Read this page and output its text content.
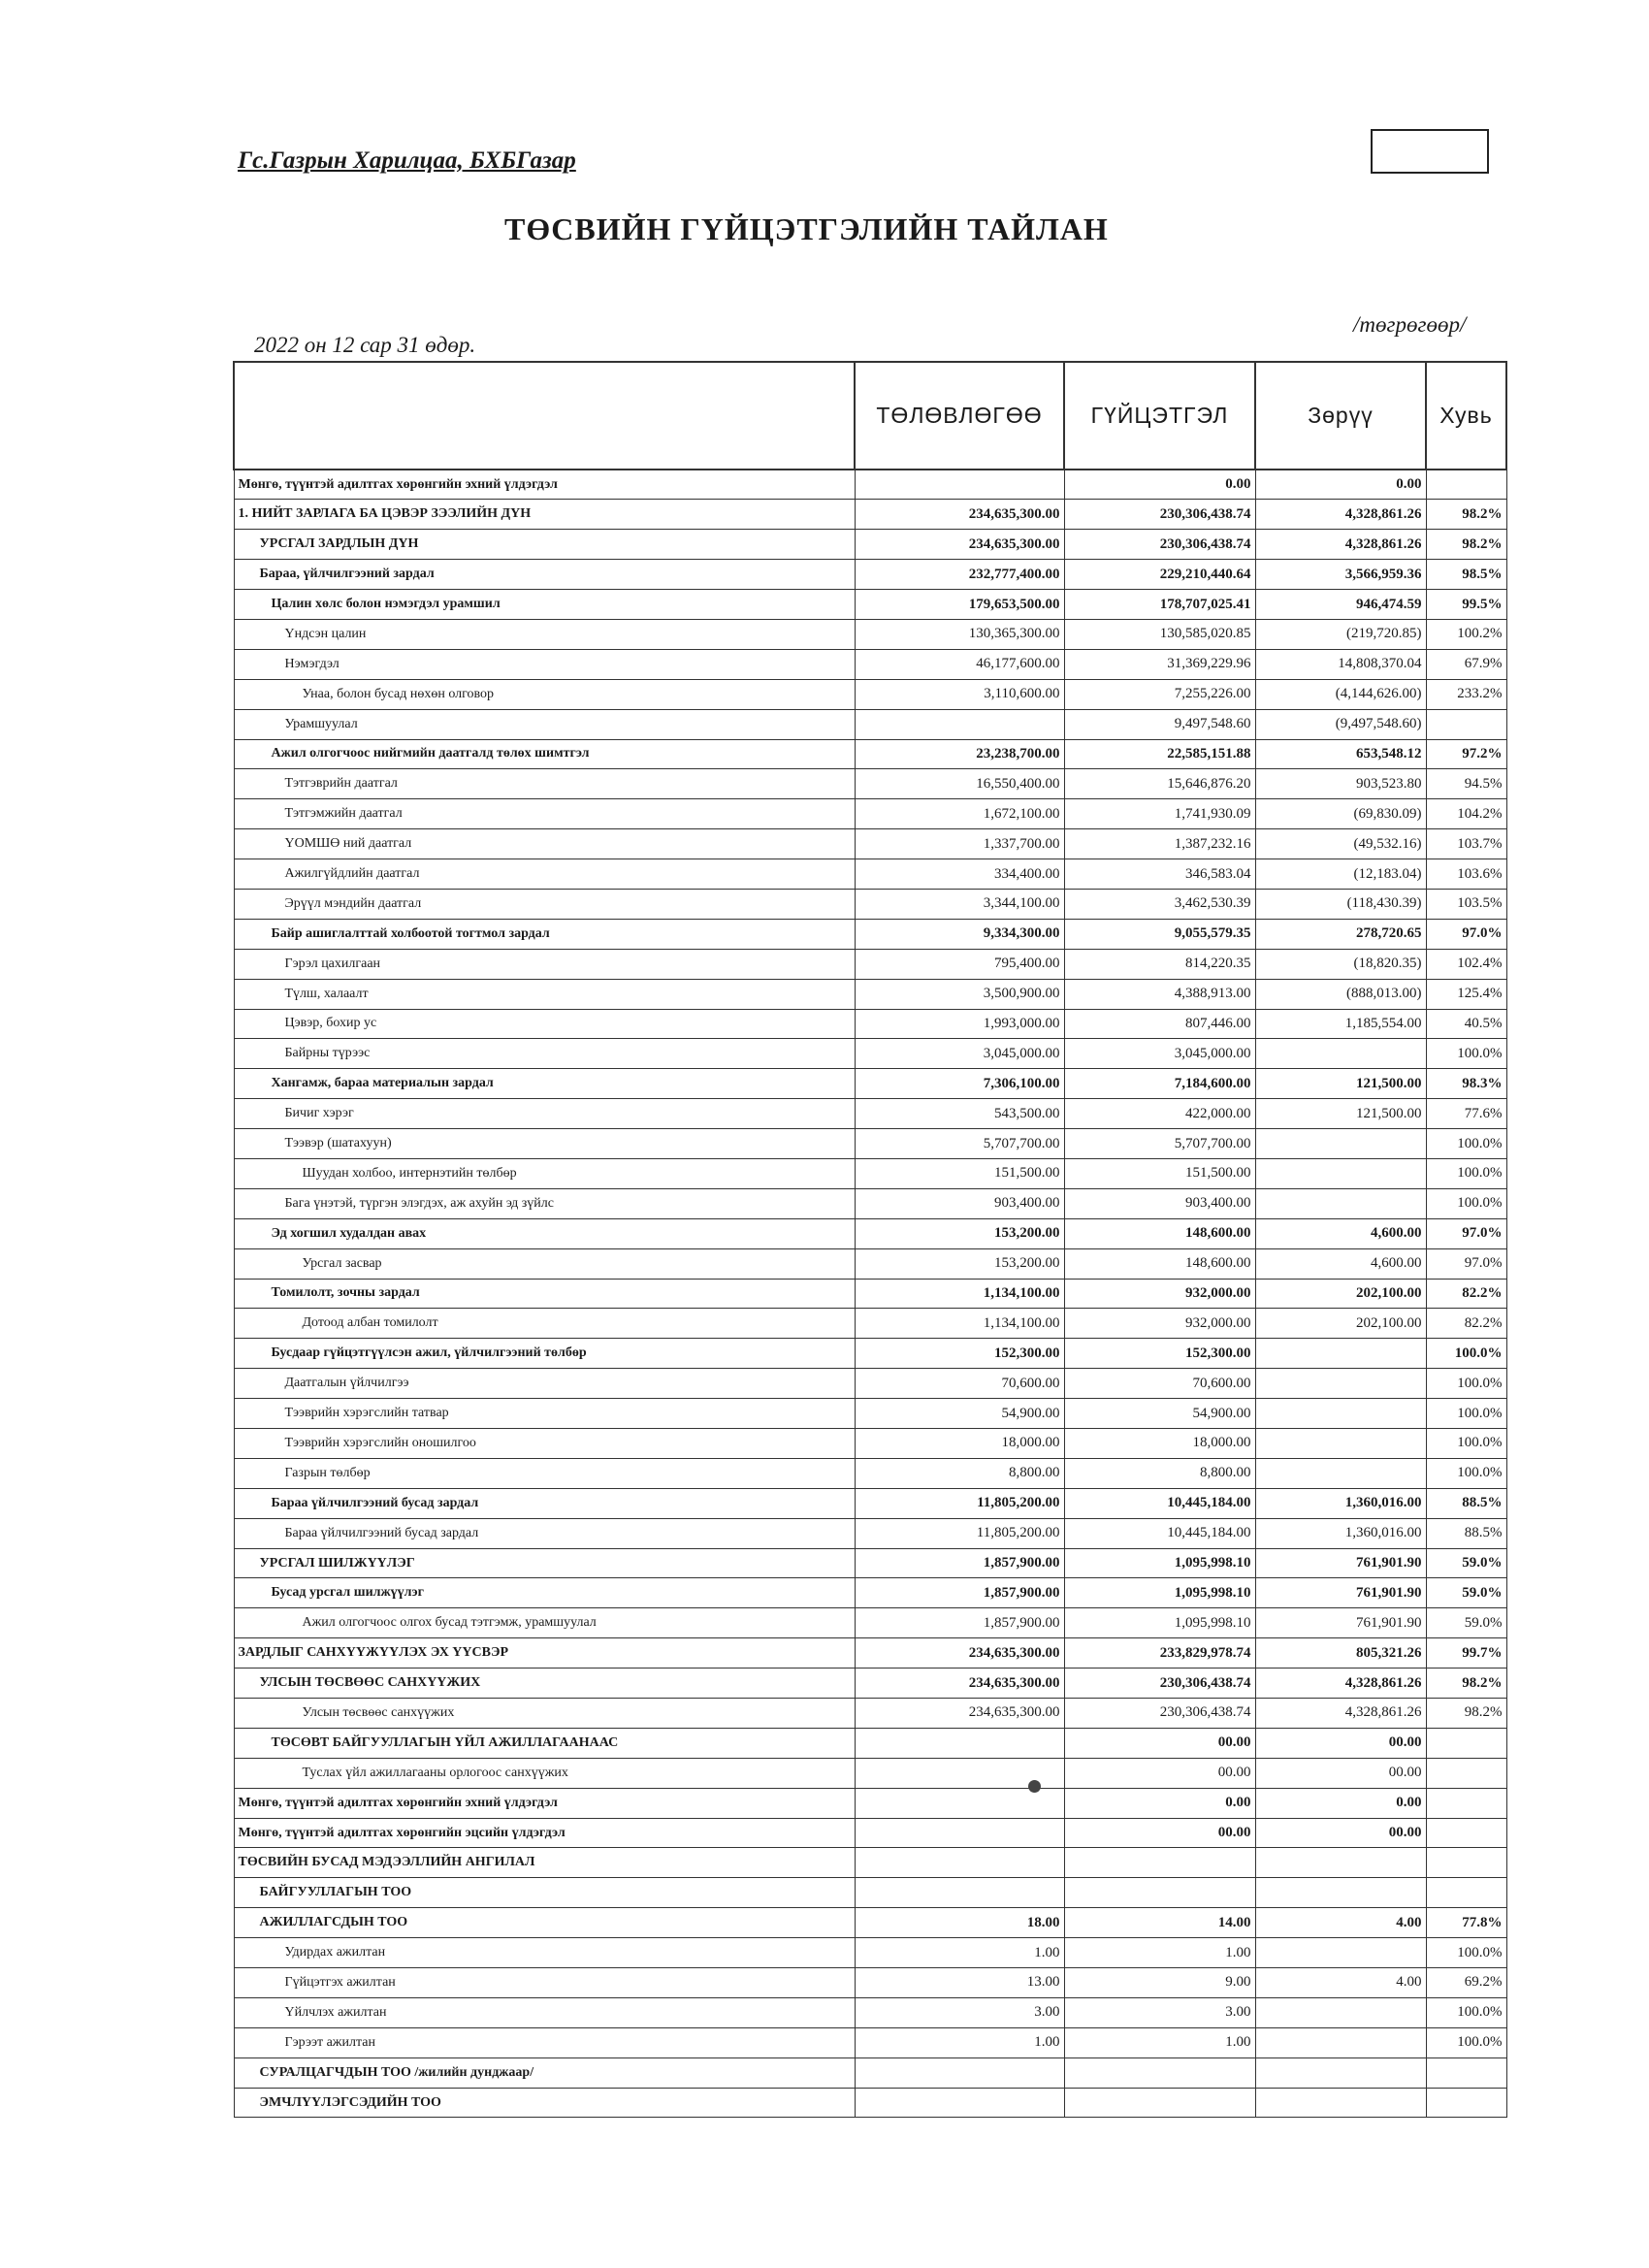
Гс.Газрын Харилцаа, БХБГазар
ТӨСВИЙН ГҮЙЦЭТГЭЛИЙН ТАЙЛАН
2022 он 12 сар 31 өдөр.
/төгрөгөөр/
	ТӨЛӨВЛӨГӨӨ	ГҮЙЦЭТГЭЛ	Зөрүү	Хувь
Мөнгө, түүнтэй адилтгах хөрөнгийн эхний үлдэгдэл		0.00	0.00	
1. НИЙТ ЗАРЛАГА БА ЦЭВЭР ЗЭЭЛИЙН ДҮН	234,635,300.00	230,306,438.74	4,328,861.26	98.2%
УРСГАЛ ЗАРДЛЫН ДҮН	234,635,300.00	230,306,438.74	4,328,861.26	98.2%
Бараа, үйлчилгээний зардал	232,777,400.00	229,210,440.64	3,566,959.36	98.5%
Цалин хөлс болон нэмэгдэл урамшил	179,653,500.00	178,707,025.41	946,474.59	99.5%
Үндсэн цалин	130,365,300.00	130,585,020.85	(219,720.85)	100.2%
Нэмэгдэл	46,177,600.00	31,369,229.96	14,808,370.04	67.9%
Унаа, болон бусад нөхөн олговор	3,110,600.00	7,255,226.00	(4,144,626.00)	233.2%
Урамшуулал		9,497,548.60	(9,497,548.60)	
Ажил олгогчоос нийгмийн даатгалд төлөх шимтгэл	23,238,700.00	22,585,151.88	653,548.12	97.2%
Тэтгэврийн даатгал	16,550,400.00	15,646,876.20	903,523.80	94.5%
Тэтгэмжийн даатгал	1,672,100.00	1,741,930.09	(69,830.09)	104.2%
ҮОМШӨ ний даатгал	1,337,700.00	1,387,232.16	(49,532.16)	103.7%
Ажилгүйдлийн даатгал	334,400.00	346,583.04	(12,183.04)	103.6%
Эрүүл мэндийн даатгал	3,344,100.00	3,462,530.39	(118,430.39)	103.5%
Байр ашиглалттай холбоотой тогтмол зардал	9,334,300.00	9,055,579.35	278,720.65	97.0%
Гэрэл цахилгаан	795,400.00	814,220.35	(18,820.35)	102.4%
Түлш, халаалт	3,500,900.00	4,388,913.00	(888,013.00)	125.4%
Цэвэр, бохир ус	1,993,000.00	807,446.00	1,185,554.00	40.5%
Байрны түрээс	3,045,000.00	3,045,000.00		100.0%
Хангамж, бараа материалын зардал	7,306,100.00	7,184,600.00	121,500.00	98.3%
Бичиг хэрэг	543,500.00	422,000.00	121,500.00	77.6%
Тээвэр (шатахуун)	5,707,700.00	5,707,700.00		100.0%
Шуудан холбоо, интернэтийн төлбөр	151,500.00	151,500.00		100.0%
Бага үнэтэй, түргэн элэгдэх, аж ахуйн эд зүйлс	903,400.00	903,400.00		100.0%
Эд хогшил худалдан авах	153,200.00	148,600.00	4,600.00	97.0%
Урсгал засвар	153,200.00	148,600.00	4,600.00	97.0%
Томилолт, зочны зардал	1,134,100.00	932,000.00	202,100.00	82.2%
Дотоод албан томилолт	1,134,100.00	932,000.00	202,100.00	82.2%
Бусдаар гүйцэтгүүлсэн ажил, үйлчилгээний төлбөр	152,300.00	152,300.00		100.0%
Даатгалын үйлчилгээ	70,600.00	70,600.00		100.0%
Тээврийн хэрэгслийн татвар	54,900.00	54,900.00		100.0%
Тээврийн хэрэгслийн оношилгоо	18,000.00	18,000.00		100.0%
Газрын төлбөр	8,800.00	8,800.00		100.0%
Бараа үйлчилгээний бусад зардал	11,805,200.00	10,445,184.00	1,360,016.00	88.5%
Бараа үйлчилгээний бусад зардал	11,805,200.00	10,445,184.00	1,360,016.00	88.5%
УРСГАЛ ШИЛЖҮҮЛЭГ	1,857,900.00	1,095,998.10	761,901.90	59.0%
Бусад урсгал шилжүүлэг	1,857,900.00	1,095,998.10	761,901.90	59.0%
Ажил олгогчоос олгох бусад тэтгэмж, урамшуулал	1,857,900.00	1,095,998.10	761,901.90	59.0%
ЗАРДЛЫГ САНХҮҮЖҮҮЛЭХ ЭХ ҮҮСВЭР	234,635,300.00	233,829,978.74	805,321.26	99.7%
УЛСЫН ТӨСВӨӨС САНХҮҮЖИХ	234,635,300.00	230,306,438.74	4,328,861.26	98.2%
Улсын төсвөөс санхүүжих	234,635,300.00	230,306,438.74	4,328,861.26	98.2%
ТӨСӨВТ БАЙГУУЛЛАГЫН ҮЙЛ АЖИЛЛАГААНААС		00.00	00.00	
Туслах үйл ажиллагааны орлогоос санхүүжих		00.00	00.00	
Мөнгө, түүнтэй адилтгах хөрөнгийн эхний үлдэгдэл		0.00	0.00	
Мөнгө, түүнтэй адилтгах хөрөнгийн эцсийн үлдэгдэл		00.00	00.00	
ТӨСВИЙН БУСАД МЭДЭЭЛЛИЙН АНГИЛАЛ				
БАЙГУУЛЛАГЫН ТОО				
АЖИЛЛАГСДЫН ТОО	18.00	14.00	4.00	77.8%
Удирдах ажилтан	1.00	1.00		100.0%
Гүйцэтгэх ажилтан	13.00	9.00	4.00	69.2%
Үйлчлэх ажилтан	3.00	3.00		100.0%
Гэрээт ажилтан	1.00	1.00		100.0%
СУРАЛЦАГЧДЫН ТОО /жилийн дунджаар/				
ЭМЧЛҮҮЛЭГСЭДИЙН ТОО				
